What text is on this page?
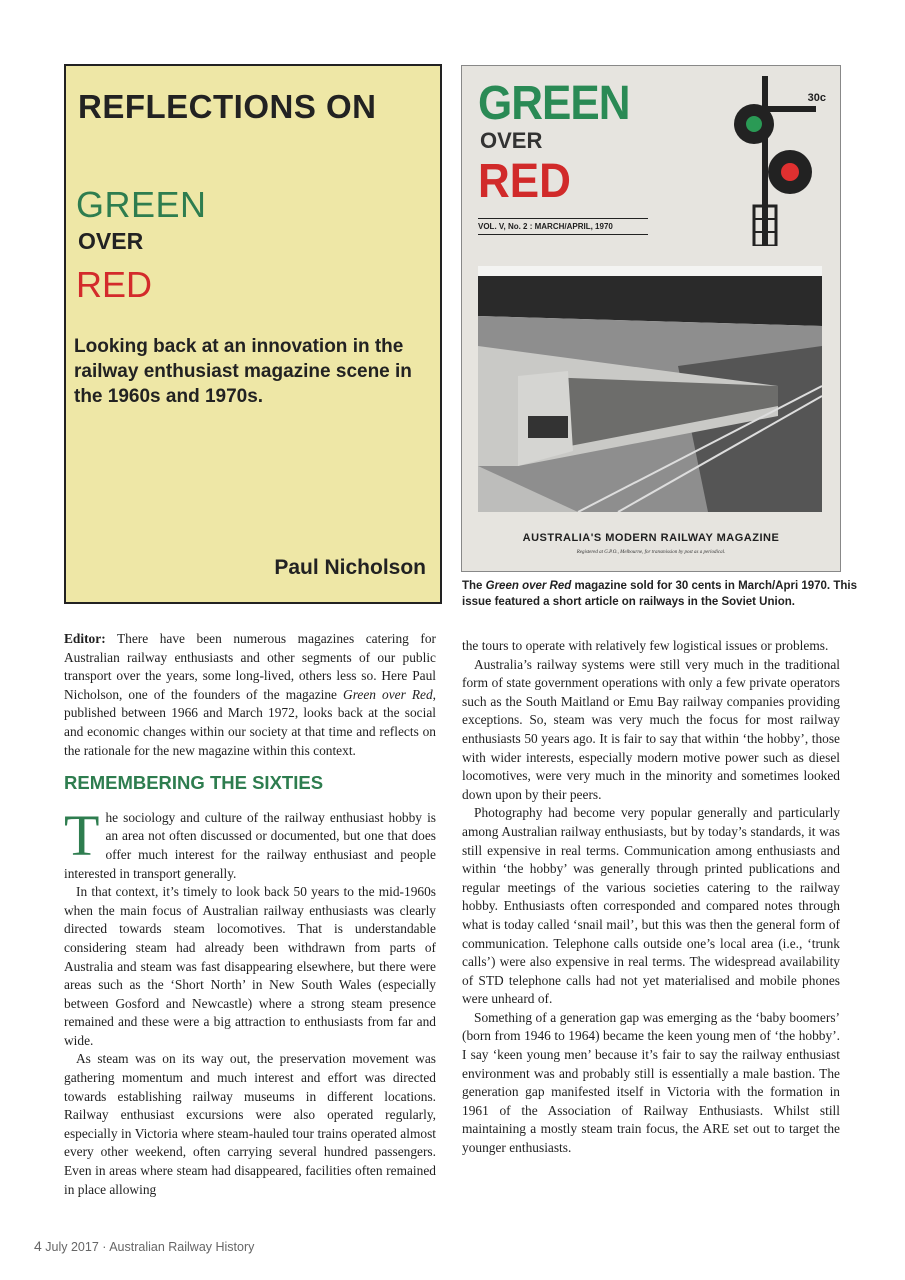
REFLECTIONS ON
GREEN
OVER
RED
Looking back at an innovation in the railway enthusiast magazine scene in the 1960s and 1970s.
Paul Nicholson
GREEN
OVER
RED
VOL. V, No. 2 : MARCH/APRIL, 1970
30c
AUSTRALIA'S MODERN RAILWAY MAGAZINE
Registered at G.P.O., Melbourne, for transmission by post as a periodical.
The Green over Red magazine sold for 30 cents in March/Apri 1970. This issue featured a short article on railways in the Soviet Union.

Editor: There have been numerous magazines catering for Australian railway enthusiasts and other segments of our public transport over the years, some long-lived, others less so. Here Paul Nicholson, one of the founders of the magazine Green over Red, published between 1966 and March 1972, looks back at the social and economic changes within our society at that time and reflects on the rationale for the new magazine within this context.

REMEMBERING THE SIXTIES

The sociology and culture of the railway enthusiast hobby is an area not often discussed or documented, but one that does offer much interest for the railway enthusiast and people interested in transport generally.

In that context, it’s timely to look back 50 years to the mid-1960s when the main focus of Australian railway enthusiasts was clearly directed towards steam locomotives. That is understandable considering steam had already been withdrawn from parts of Australia and steam was fast disappearing elsewhere, but there were areas such as the ‘Short North’ in New South Wales (especially between Gosford and Newcastle) where a strong steam presence remained and these were a big attraction to enthusiasts from far and wide.

As steam was on its way out, the preservation movement was gathering momentum and much interest and effort was directed towards establishing railway museums in different locations. Railway enthusiast excursions were also operated regularly, especially in Victoria where steam-hauled tour trains operated almost every other weekend, often carrying several hundred passengers. Even in areas where steam had disappeared, facilities often remained in place allowing

the tours to operate with relatively few logistical issues or problems.

Australia’s railway systems were still very much in the traditional form of state government operations with only a few private operators such as the South Maitland or Emu Bay railway companies providing exceptions. So, steam was very much the focus for most railway enthusiasts 50 years ago. It is fair to say that within ‘the hobby’, those with wider interests, especially modern motive power such as diesel locomotives, were very much in the minority and sometimes looked down upon by their peers.

Photography had become very popular generally and particularly among Australian railway enthusiasts, but by today’s standards, it was still expensive in real terms. Communication among enthusiasts and within ‘the hobby’ was generally through printed publications and regular meetings of the various societies catering to the railway hobby. Enthusiasts often corresponded and compared notes through what is today called ‘snail mail’, but this was then the general form of communication. Telephone calls outside one’s local area (i.e., ‘trunk calls’) were also expensive in real terms. The widespread availability of STD telephone calls had not yet materialised and mobile phones were unheard of.

Something of a generation gap was emerging as the ‘baby boomers’ (born from 1946 to 1964) became the keen young men of ‘the hobby’. I say ‘keen young men’ because it’s fair to say the railway enthusiast environment was and probably still is essentially a male bastion. The generation gap manifested itself in Victoria with the formation in 1961 of the Association of Railway Enthusiasts. Whilst still maintaining a mostly steam train focus, the ARE set out to target the younger enthusiasts.

4 July 2017 · Australian Railway History
